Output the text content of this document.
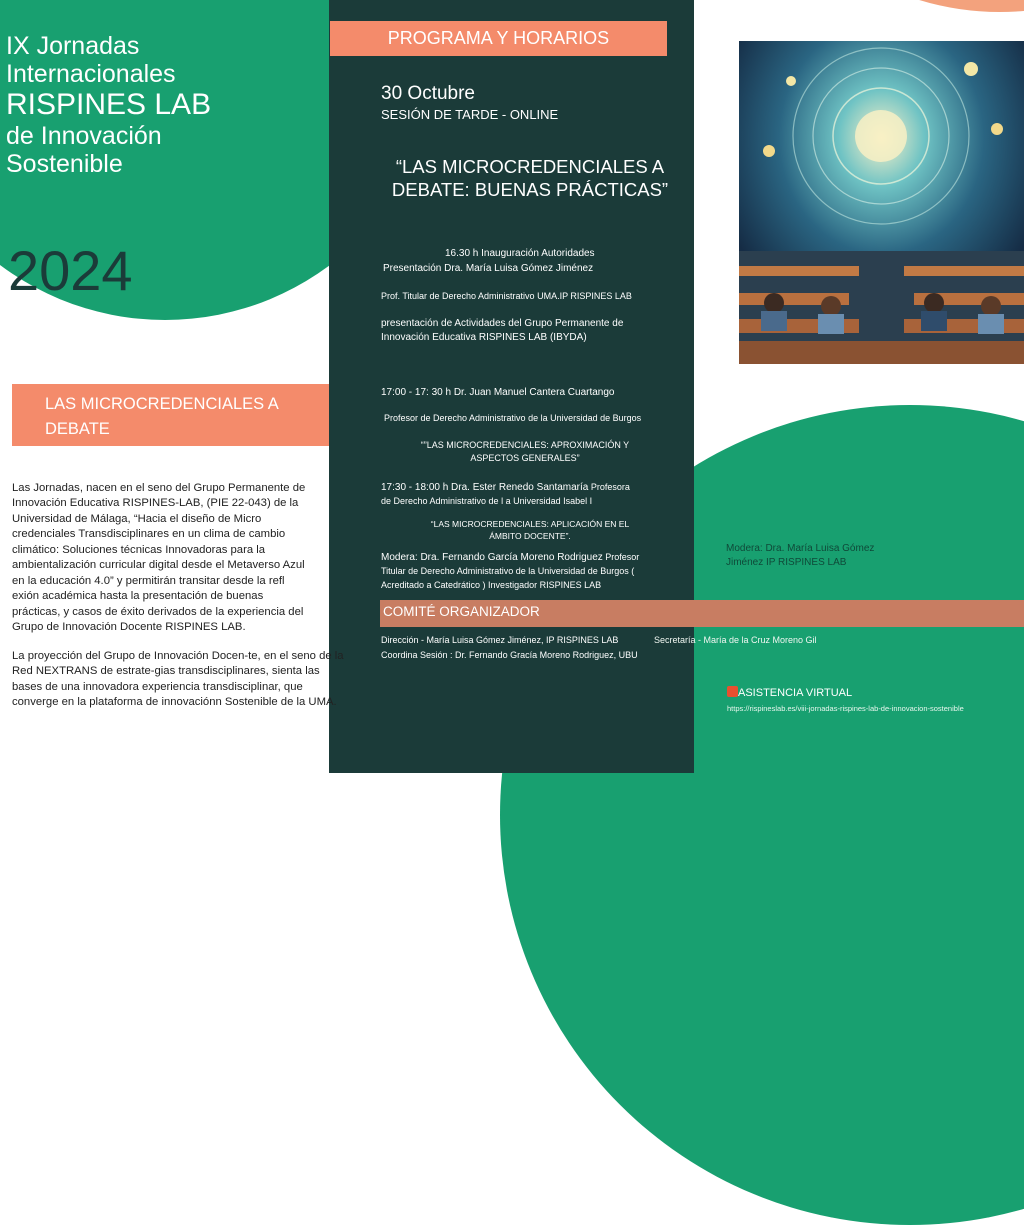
IX Jornadas
Internacionales
RISPINES LAB
de Innovación
Sostenible
2024
LAS MICROCREDENCIALES A DEBATE
Las Jornadas, nacen en el seno del Grupo Permanente de Innovación Educativa RISPINES-LAB, (PIE 22-043) de la Universidad de Málaga, “Hacia el diseño de Micro credenciales Transdisciplinares en un clima de cambio climático: Soluciones técnicas Innovadoras para la ambientalización curricular digital desde el Metaverso Azul en la educación 4.0” y permitirán transitar desde la refl exión académica hasta la presentación de buenas prácticas, y casos de éxito derivados de la experiencia del Grupo de Innovación Docente RISPINES LAB.
La proyección del Grupo de Innovación Docen-te, en el seno de la Red NEXTRANS de estrate-gias transdisciplinares, sienta las bases de una innovadora experiencia transdisciplinar, que converge en la plataforma de innovaciónn Sostenible de la UMA.
PROGRAMA Y HORARIOS
30 Octubre
SESIÓN DE TARDE - ONLINE
“LAS MICROCREDENCIALES A DEBATE: BUENAS PRÁCTICAS”
16.30 h Inauguración Autoridades
Presentación Dra. María Luisa Gómez Jiménez
Prof. Titular de Derecho Administrativo UMA.IP RISPINES LAB
presentación de Actividades del Grupo Permanente de Innovación Educativa RISPINES LAB (IBYDA)
17:00 - 17: 30 h Dr. Juan Manuel Cantera Cuartango
Profesor de Derecho Administrativo de la Universidad de Burgos
“”LAS MICROCREDENCIALES: APROXIMACIÓN Y ASPECTOS GENERALES”
17:30 - 18:00 h Dra. Ester Renedo Santamaría Profesora
de Derecho Administrativo de l a Universidad Isabel I
“LAS MICROCREDENCIALES: APLICACIÓN EN EL ÁMBITO DOCENTE”.
Modera: Dra. Fernando García Moreno Rodriguez Profesor
Titular de Derecho Administrativo de la Universidad de Burgos ( Acreditado a Catedrático ) Investigador RISPINES LAB
Modera: Dra. María Luisa Gómez
Jiménez IP RISPINES LAB
COMITÉ ORGANIZADOR
Dirección - María Luisa Gómez Jiménez, IP RISPINES LAB	Secretaría - María de la Cruz Moreno Gil
Coordina Sesión : Dr. Fernando Gracía Moreno Rodriguez, UBU
ASISTENCIA VIRTUAL
https://rispineslab.es/viii-jornadas-rispines-lab-de-innovacion-sostenible
